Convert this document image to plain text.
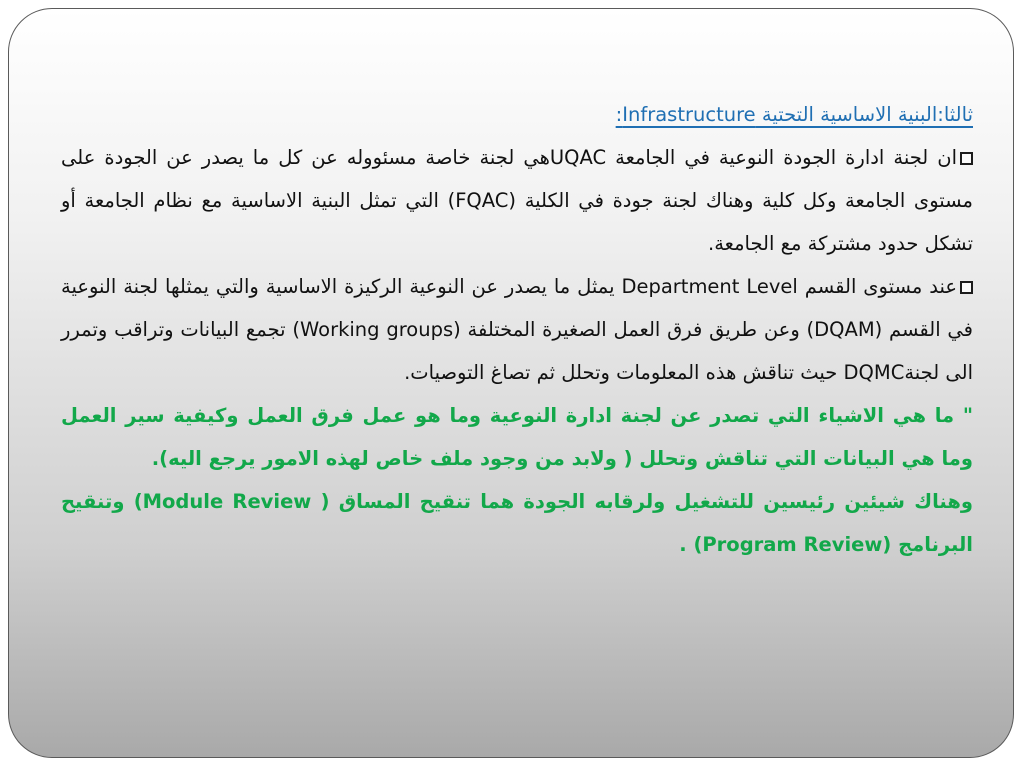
ثالثا:البنية الاساسية التحتية Infrastructure:

ان لجنة ادارة الجودة النوعية في الجامعة UQACهي لجنة خاصة مسئووله عن كل ما يصدر عن الجودة على مستوى الجامعة وكل كلية وهناك لجنة جودة في الكلية (FQAC) التي تمثل البنية الاساسية مع نظام الجامعة أو تشكل حدود مشتركة مع الجامعة.

عند مستوى القسم Department Level يمثل ما يصدر عن النوعية الركيزة الاساسية والتي يمثلها لجنة النوعية في القسم (DQAM) وعن طريق فرق العمل الصغيرة المختلفة (Working groups) تجمع البيانات وتراقب وتمرر الى لجنةDQMC حيث تناقش هذه المعلومات وتحلل ثم تصاغ التوصيات.

" ما هي الاشياء التي تصدر عن لجنة ادارة النوعية وما هو عمل فرق العمل وكيفية سير العمل وما هي البيانات التي تناقش وتحلل ( ولابد من وجود ملف خاص لهذه الامور يرجع اليه).

وهناك شيئين رئيسين للتشغيل ولرقابه الجودة هما تنقيح المساق ( Module Review) وتنقيح البرنامج (Program Review) .
